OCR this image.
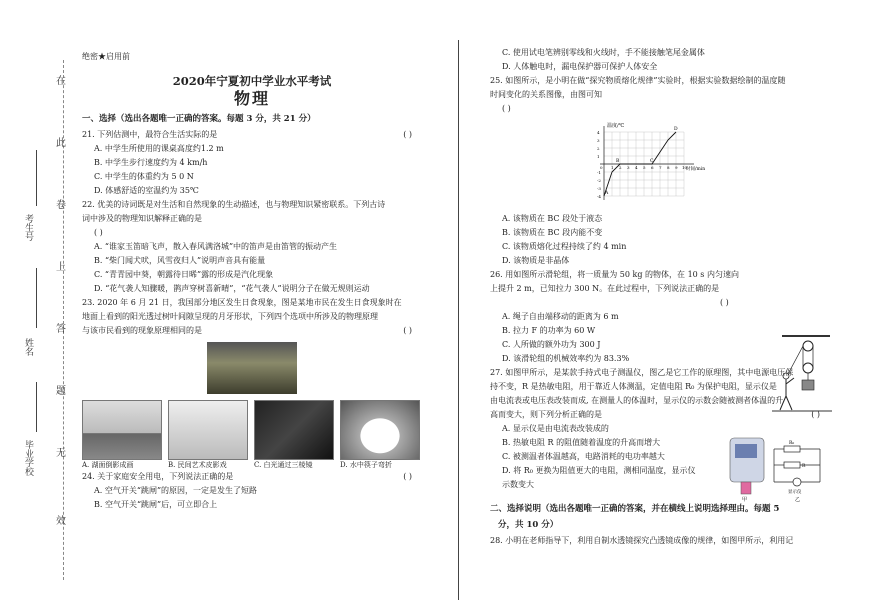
在
此
卷
上
答
题
无
效
考生号
姓名
毕业学校
绝密★启用前
2020年宁夏初中学业水平考试
物理
一、选择（选出各题唯一正确的答案。每题 3 分，共 21 分）
21. 下列估测中，最符合生活实际的是	( )
A. 中学生所使用的课桌高度约1.2 m
B. 中学生步行速度约为 4 km/h
C. 中学生的体重约为 5 0 N
D. 体感舒适的室温约为 35℃
22. 优美的诗词既是对生活和自然现象的生动描述，也与物理知识紧密联系。下列古诗
词中涉及的物理知识解释正确的是
( )
A. “谁家玉笛暗飞声，散入春风满洛城”中的笛声是由笛管的振动产生
B. “柴门闻犬吠，风雪夜归人”说明声音具有能量
C. “青青园中葵，朝露待日晞”露的形成是汽化现象
D. “花气袭人知骤暖，鹊声穿树喜新晴”，“花气袭人”说明分子在做无规则运动
23. 2020 年 6 月 21 日，我国部分地区发生日食现象，图是某地市民在发生日食现象时在
地面上看到的阳光透过树叶间隙呈现的月牙形状，下列四个选项中所涉及的物理原理
与该市民看到的现象原理相同的是	( )
A. 湖面倒影成画	B. 民间艺术皮影戏	C. 白光通过三棱镜	D. 水中筷子弯折
24. 关于家庭安全用电，下列说法正确的是	( )
A. 空气开关“跳闸”的原因，一定是发生了短路
B. 空气开关“跳闸”后，可立即合上
C. 使用试电笔辨别零线和火线时，手不能接触笔尾金属体
D. 人体触电时，漏电保护器可保护人体安全
25. 如图所示，是小明在做“探究物质熔化规律”实验时，根据实验数据绘制的温度随
时间变化的关系图像，由图可知
( )
温度/℃
时间/min
4
3
2
1
-1
-2
-3
-4
0 1 2 3 4 5 6 7 8 9 10
A
B	C
D
A. 该物质在 BC 段处于液态
B. 该物质在 BC 段内能不变
C. 该物质熔化过程持续了约 4 min
D. 该物质是非晶体
26. 用如图所示滑轮组，将一质量为 50 kg 的物体，在 10 s 内匀速向
上提升 2 m，已知拉力 300 N。在此过程中，下列说法正确的是
( )
A. 绳子自由端移动的距离为 6 m
B. 拉力 F 的功率为 60 W
C. 人所做的额外功为 300 J
D. 该滑轮组的机械效率约为 83.3%
27. 如图甲所示，是某款手持式电子测温仪，图乙是它工作的原理图，其中电源电压保
持不变，R 是热敏电阻，用于靠近人体测温，定值电阻 R₀ 为保护电阻，显示仪是
由电流表或电压表改装而成, 在测量人的体温时，显示仪的示数会随被测者体温的升
高而变大，则下列分析正确的是	( )
A. 显示仪是由电流表改装成的
B. 热敏电阻 R 的阻值随着温度的升高而增大
C. 被测温者体温越高，电路消耗的电功率越大
D. 将 R₀ 更换为阻值更大的电阻，测相同温度，显示仪
示数变大
甲
R₀
R
显示仪
乙
二、选择说明（选出各题唯一正确的答案，并在横线上说明选择理由。每题 5
分，共 10 分）
28. 小明在老师指导下，利用自制水透镜探究凸透镜成像的规律，如图甲所示，利用记
